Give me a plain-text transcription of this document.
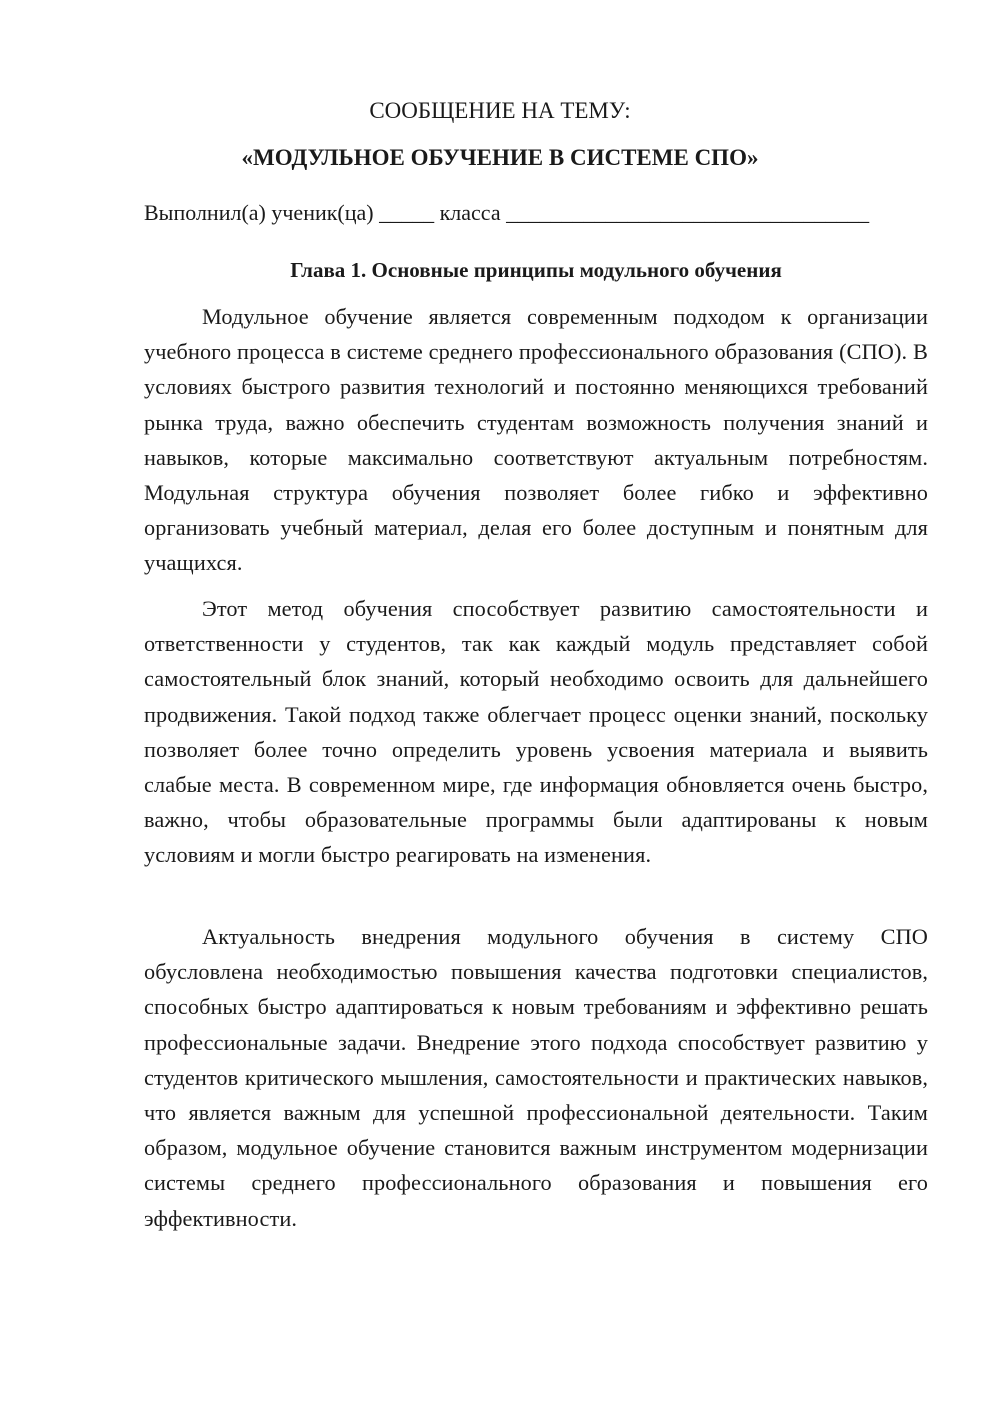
СООБЩЕНИЕ НА ТЕМУ:
«МОДУЛЬНОЕ ОБУЧЕНИЕ В СИСТЕМЕ СПО»
Выполнил(а) ученик(ца) _____ класса _________________________________
Глава 1. Основные принципы модульного обучения

Модульное обучение является современным подходом к организации учебного процесса в системе среднего профессионального образования (СПО). В условиях быстрого развития технологий и постоянно меняющихся требований рынка труда, важно обеспечить студентам возможность получения знаний и навыков, которые максимально соответствуют актуальным потребностям. Модульная структура обучения позволяет более гибко и эффективно организовать учебный материал, делая его более доступным и понятным для учащихся.

Этот метод обучения способствует развитию самостоятельности и ответственности у студентов, так как каждый модуль представляет собой самостоятельный блок знаний, который необходимо освоить для дальнейшего продвижения. Такой подход также облегчает процесс оценки знаний, поскольку позволяет более точно определить уровень усвоения материала и выявить слабые места. В современном мире, где информация обновляется очень быстро, важно, чтобы образовательные программы были адаптированы к новым условиям и могли быстро реагировать на изменения.

Актуальность внедрения модульного обучения в систему СПО обусловлена необходимостью повышения качества подготовки специалистов, способных быстро адаптироваться к новым требованиям и эффективно решать профессиональные задачи. Внедрение этого подхода способствует развитию у студентов критического мышления, самостоятельности и практических навыков, что является важным для успешной профессиональной деятельности. Таким образом, модульное обучение становится важным инструментом модернизации системы среднего профессионального образования и повышения его эффективности.
